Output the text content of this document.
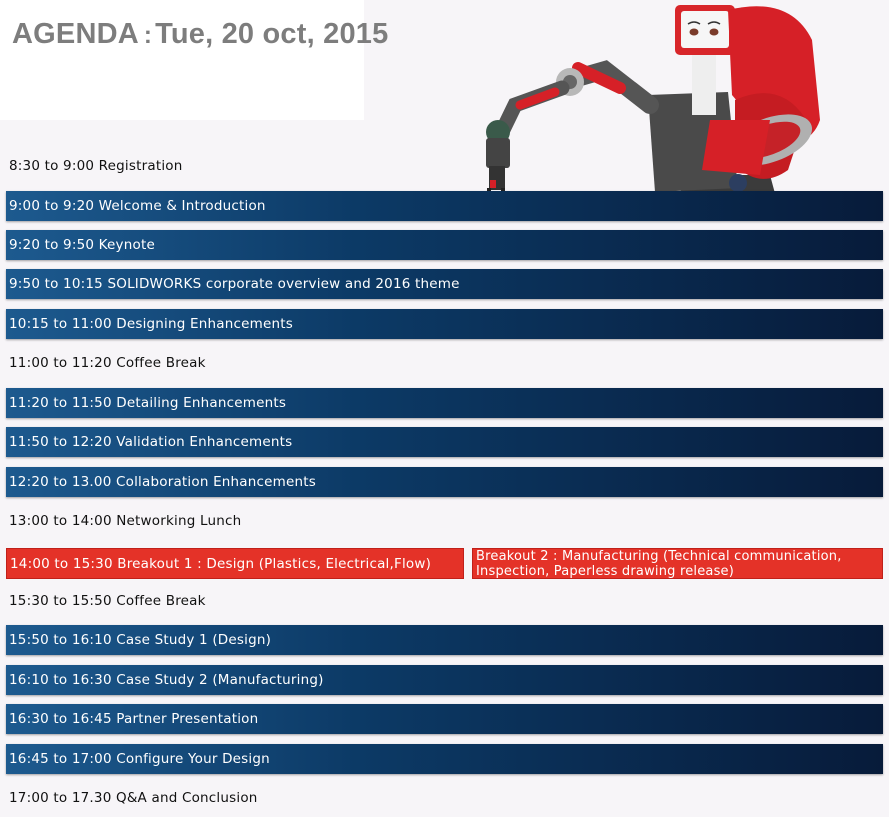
AGENDA : Tue, 20 oct, 2015
8:30 to 9:00
Registration
9:00 to 9:20
Welcome & Introduction
9:20 to 9:50
Keynote
9:50 to 10:15
SOLIDWORKS corporate overview and 2016 theme
10:15 to 11:00
Designing Enhancements
11:00 to 11:20
Coffee Break
11:20 to 11:50
Detailing Enhancements
11:50 to 12:20
Validation Enhancements
12:20 to 13.00
Collaboration Enhancements
13:00 to 14:00
Networking Lunch
14:00 to 15:30
Breakout 1 : Design (Plastics, Electrical,Flow)	Breakout 2 : Manufacturing (Technical communication, Inspection, Paperless drawing release)
15:30 to 15:50
Coffee Break
15:50 to 16:10
Case Study 1 (Design)
16:10 to 16:30
Case Study 2 (Manufacturing)
16:30 to 16:45
Partner Presentation
16:45 to 17:00
Configure Your Design
17:00 to 17.30
Q&A and Conclusion
